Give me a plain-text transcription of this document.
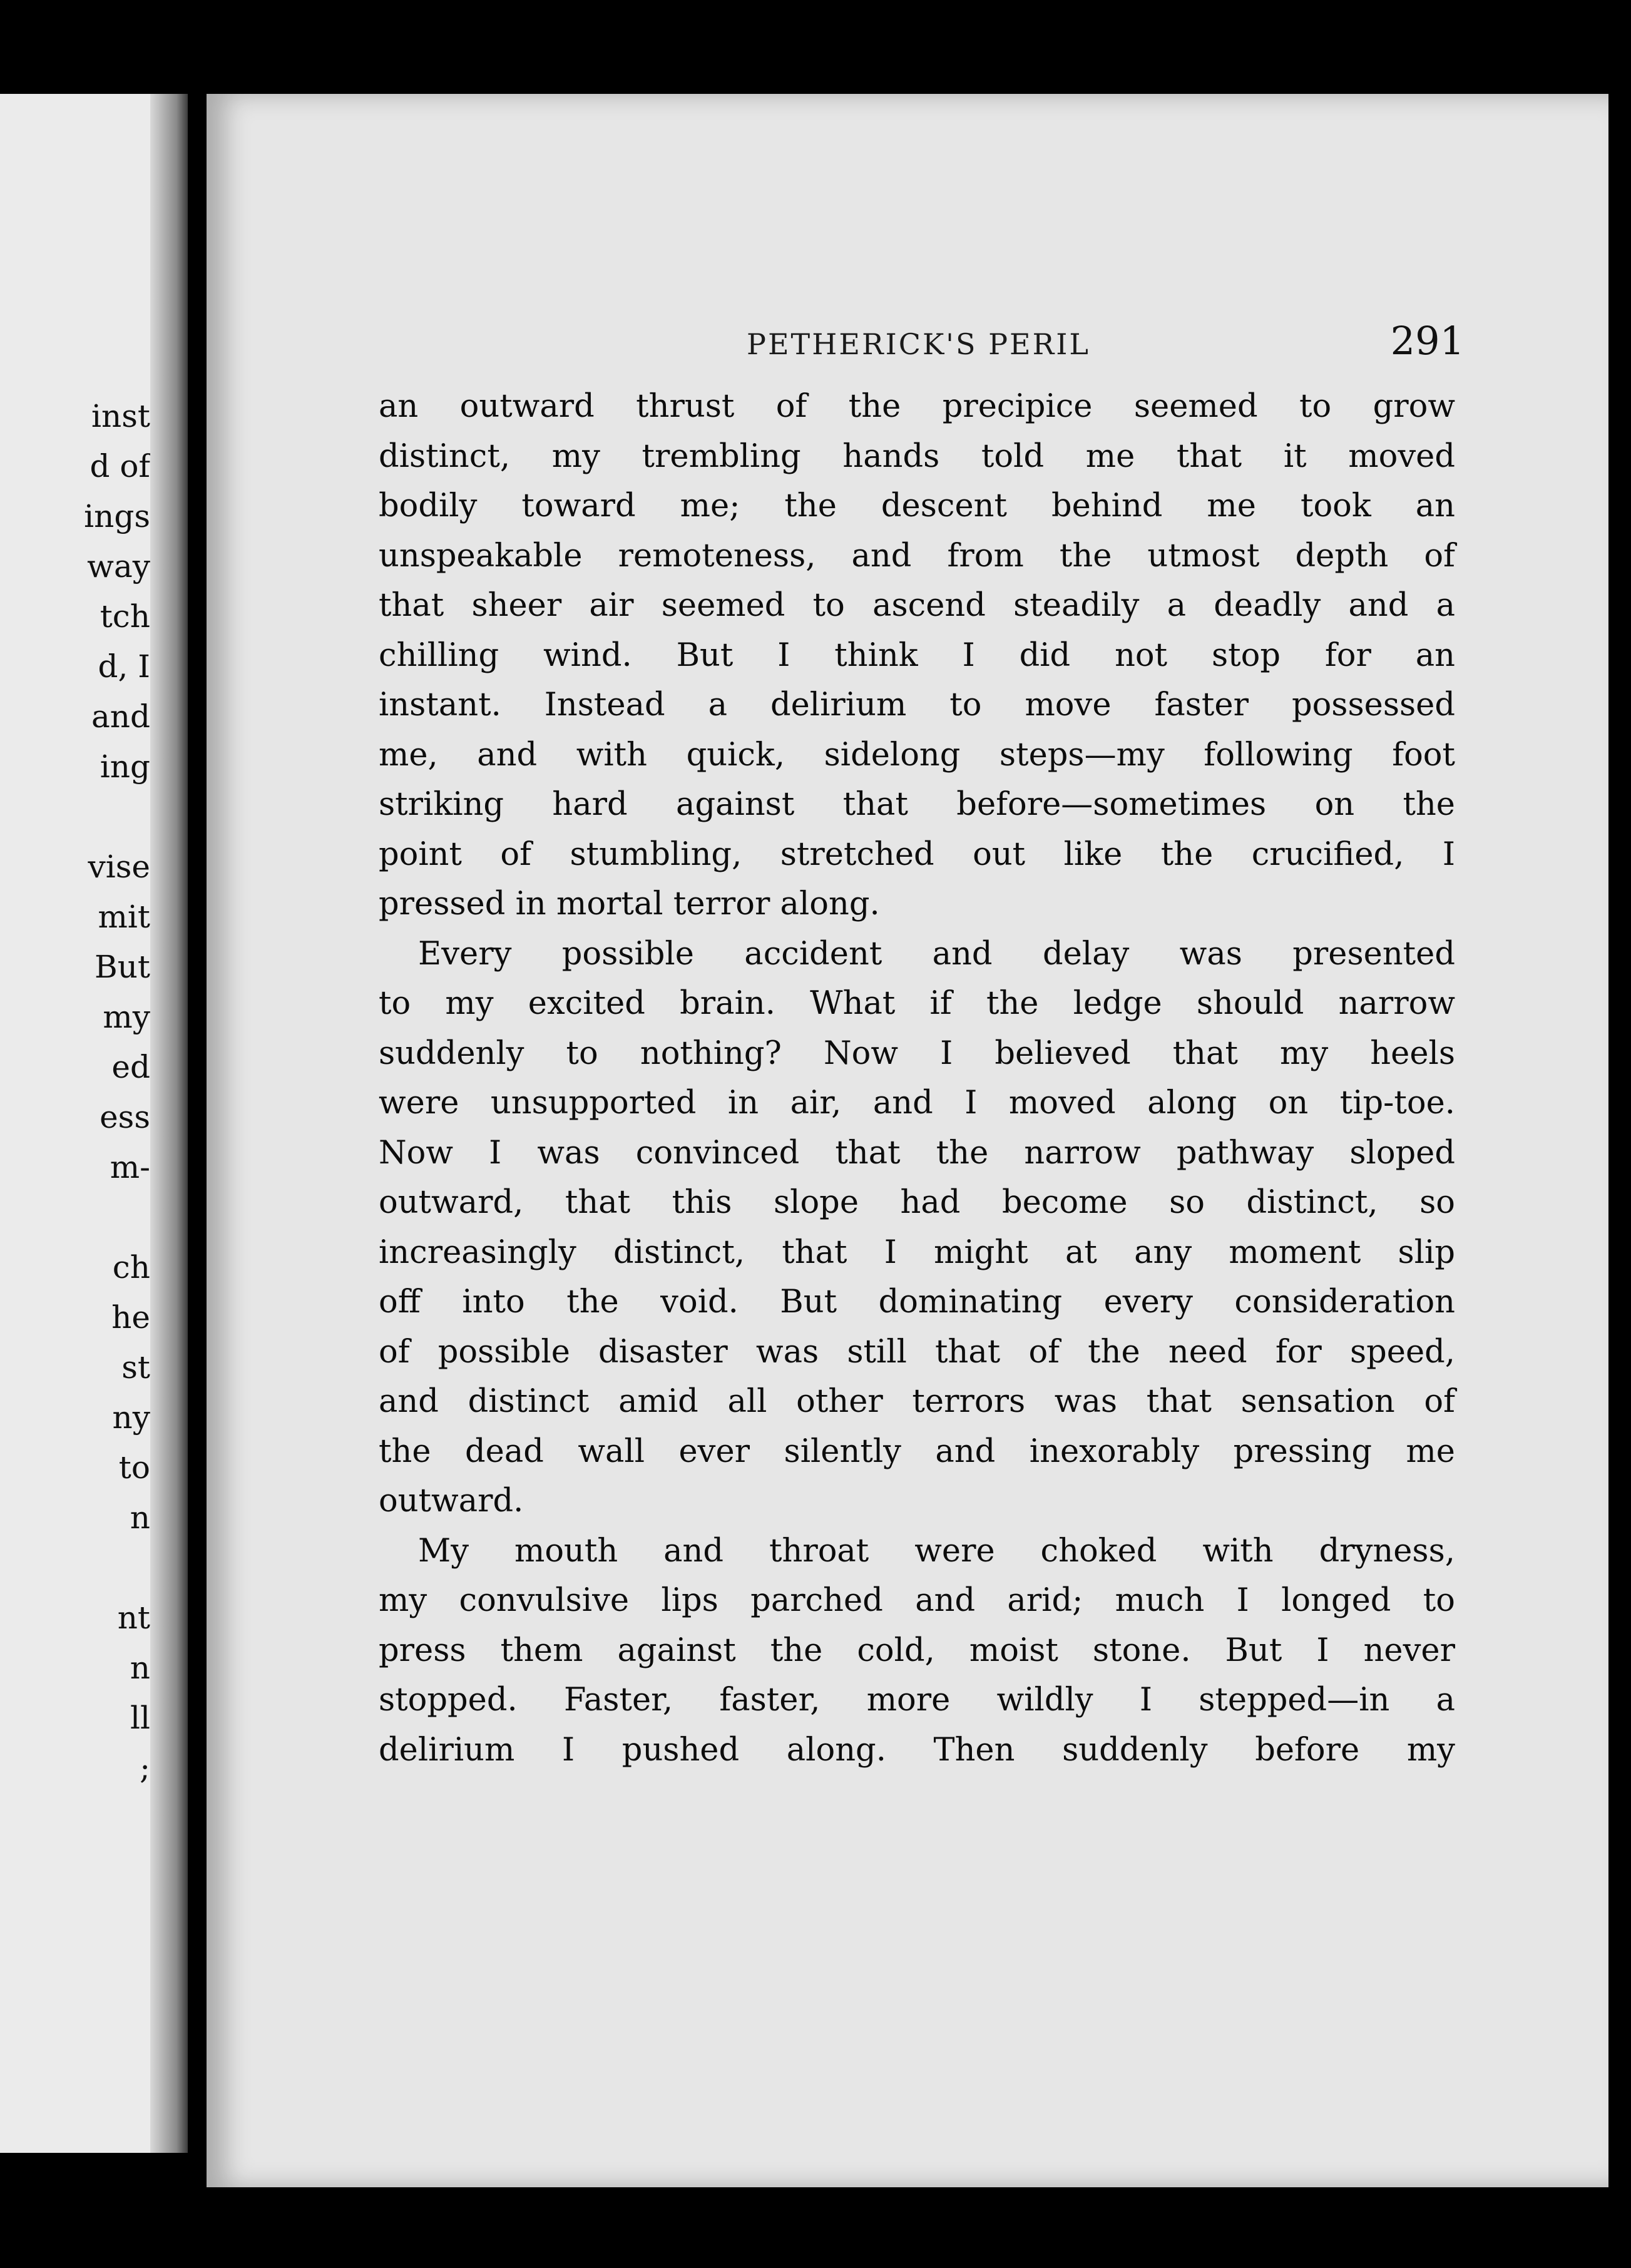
inst
d of
ings
way
tch
d, I
and
ing
vise
mit
But
my
ed
ess
m-
ch
he
st
ny
to
n
nt
n
ll
;
PETHERICK'S PERIL	291

an outward thrust of the precipice seemed to grow
distinct, my trembling hands told me that it moved
bodily toward me; the descent behind me took an
unspeakable remoteness, and from the utmost depth of
that sheer air seemed to ascend steadily a deadly and a
chilling wind. But I think I did not stop for an
instant. Instead a delirium to move faster possessed
me, and with quick, sidelong steps—my following foot
striking hard against that before—sometimes on the
point of stumbling, stretched out like the crucified, I
pressed in mortal terror along.

Every possible accident and delay was presented
to my excited brain. What if the ledge should narrow
suddenly to nothing? Now I believed that my heels
were unsupported in air, and I moved along on tip-toe.
Now I was convinced that the narrow pathway sloped
outward, that this slope had become so distinct, so
increasingly distinct, that I might at any moment slip
off into the void. But dominating every consideration
of possible disaster was still that of the need for speed,
and distinct amid all other terrors was that sensation of
the dead wall ever silently and inexorably pressing me
outward.

My mouth and throat were choked with dryness,
my convulsive lips parched and arid; much I longed to
press them against the cold, moist stone. But I never
stopped. Faster, faster, more wildly I stepped—in a
delirium I pushed along. Then suddenly before my
